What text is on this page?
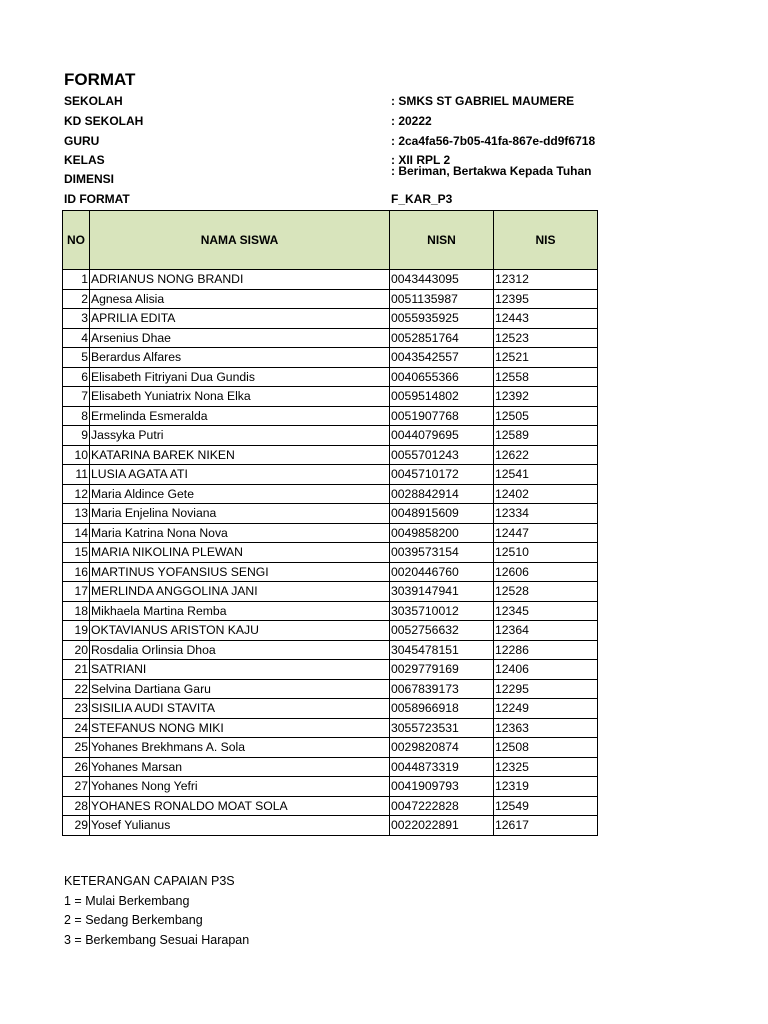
FORMAT
SEKOLAH	: SMKS ST GABRIEL MAUMERE
KD SEKOLAH	: 20222
GURU	: 2ca4fa56-7b05-41fa-867e-dd9f6718
KELAS	: XII RPL 2
DIMENSI
: Beriman, Bertakwa Kepada Tuhan
ID FORMAT	F_KAR_P3
NO	NAMA SISWA	NISN	NIS
1	ADRIANUS NONG BRANDI	0043443095	12312
2	Agnesa Alisia	0051135987	12395
3	APRILIA EDITA	0055935925	12443
4	Arsenius Dhae	0052851764	12523
5	Berardus Alfares	0043542557	12521
6	Elisabeth Fitriyani Dua Gundis	0040655366	12558
7	Elisabeth Yuniatrix Nona Elka	0059514802	12392
8	Ermelinda Esmeralda	0051907768	12505
9	Jassyka Putri	0044079695	12589
10	KATARINA BAREK NIKEN	0055701243	12622
11	LUSIA AGATA ATI	0045710172	12541
12	Maria Aldince Gete	0028842914	12402
13	Maria Enjelina Noviana	0048915609	12334
14	Maria Katrina Nona Nova	0049858200	12447
15	MARIA NIKOLINA PLEWAN	0039573154	12510
16	MARTINUS YOFANSIUS SENGI	0020446760	12606
17	MERLINDA ANGGOLINA JANI	3039147941	12528
18	Mikhaela Martina Remba	3035710012	12345
19	OKTAVIANUS ARISTON KAJU	0052756632	12364
20	Rosdalia Orlinsia Dhoa	3045478151	12286
21	SATRIANI	0029779169	12406
22	Selvina Dartiana Garu	0067839173	12295
23	SISILIA AUDI STAVITA	0058966918	12249
24	STEFANUS NONG MIKI	3055723531	12363
25	Yohanes Brekhmans A. Sola	0029820874	12508
26	Yohanes Marsan	0044873319	12325
27	Yohanes Nong Yefri	0041909793	12319
28	YOHANES RONALDO MOAT SOLA	0047222828	12549
29	Yosef Yulianus	0022022891	12617
KETERANGAN CAPAIAN P3S
1 = Mulai Berkembang
2 = Sedang Berkembang
3 = Berkembang Sesuai Harapan
